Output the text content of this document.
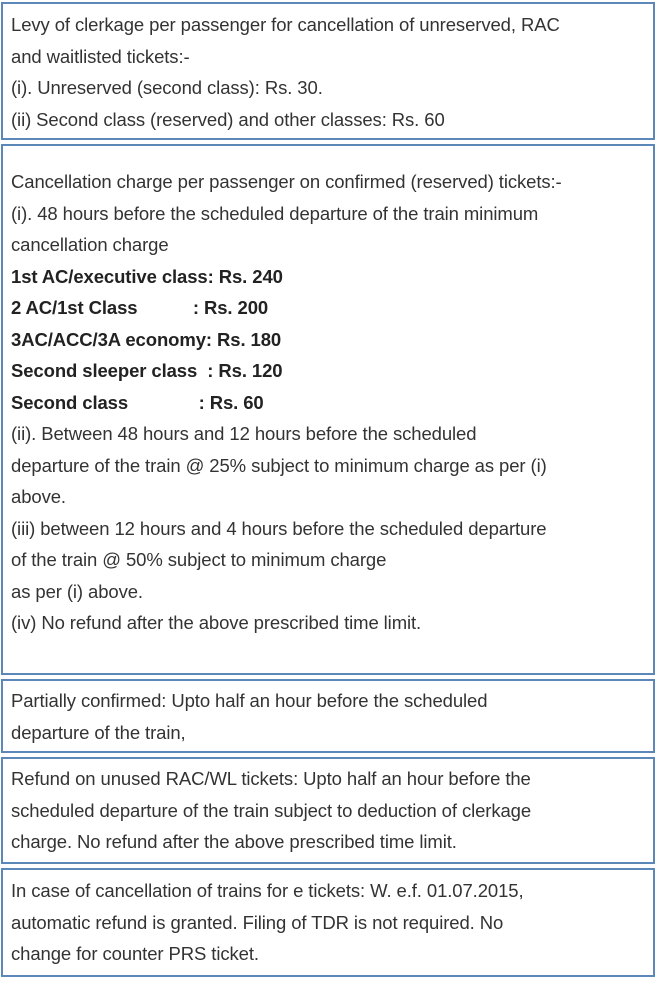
Levy of clerkage per passenger for cancellation of unreserved, RAC

and waitlisted tickets:-

(i). Unreserved (second class): Rs. 30.

(ii) Second class (reserved) and other classes: Rs. 60

Cancellation charge per passenger on confirmed (reserved) tickets:-

(i). 48 hours before the scheduled departure of the train minimum

cancellation charge

1st AC/executive class: Rs. 240

2 AC/1st Class           : Rs. 200

3AC/ACC/3A economy: Rs. 180

Second sleeper class  : Rs. 120

Second class              : Rs. 60

(ii). Between 48 hours and 12 hours before the scheduled

departure of the train @ 25% subject to minimum charge as per (i)

above.

(iii) between 12 hours and 4 hours before the scheduled departure

of the train @ 50% subject to minimum charge

as per (i) above.

(iv) No refund after the above prescribed time limit.

Partially confirmed: Upto half an hour before the scheduled

departure of the train,

Refund on unused RAC/WL tickets: Upto half an hour before the

scheduled departure of the train subject to deduction of clerkage

charge. No refund after the above prescribed time limit.

In case of cancellation of trains for e tickets: W. e.f. 01.07.2015,

automatic refund is granted. Filing of TDR is not required. No

change for counter PRS ticket.
